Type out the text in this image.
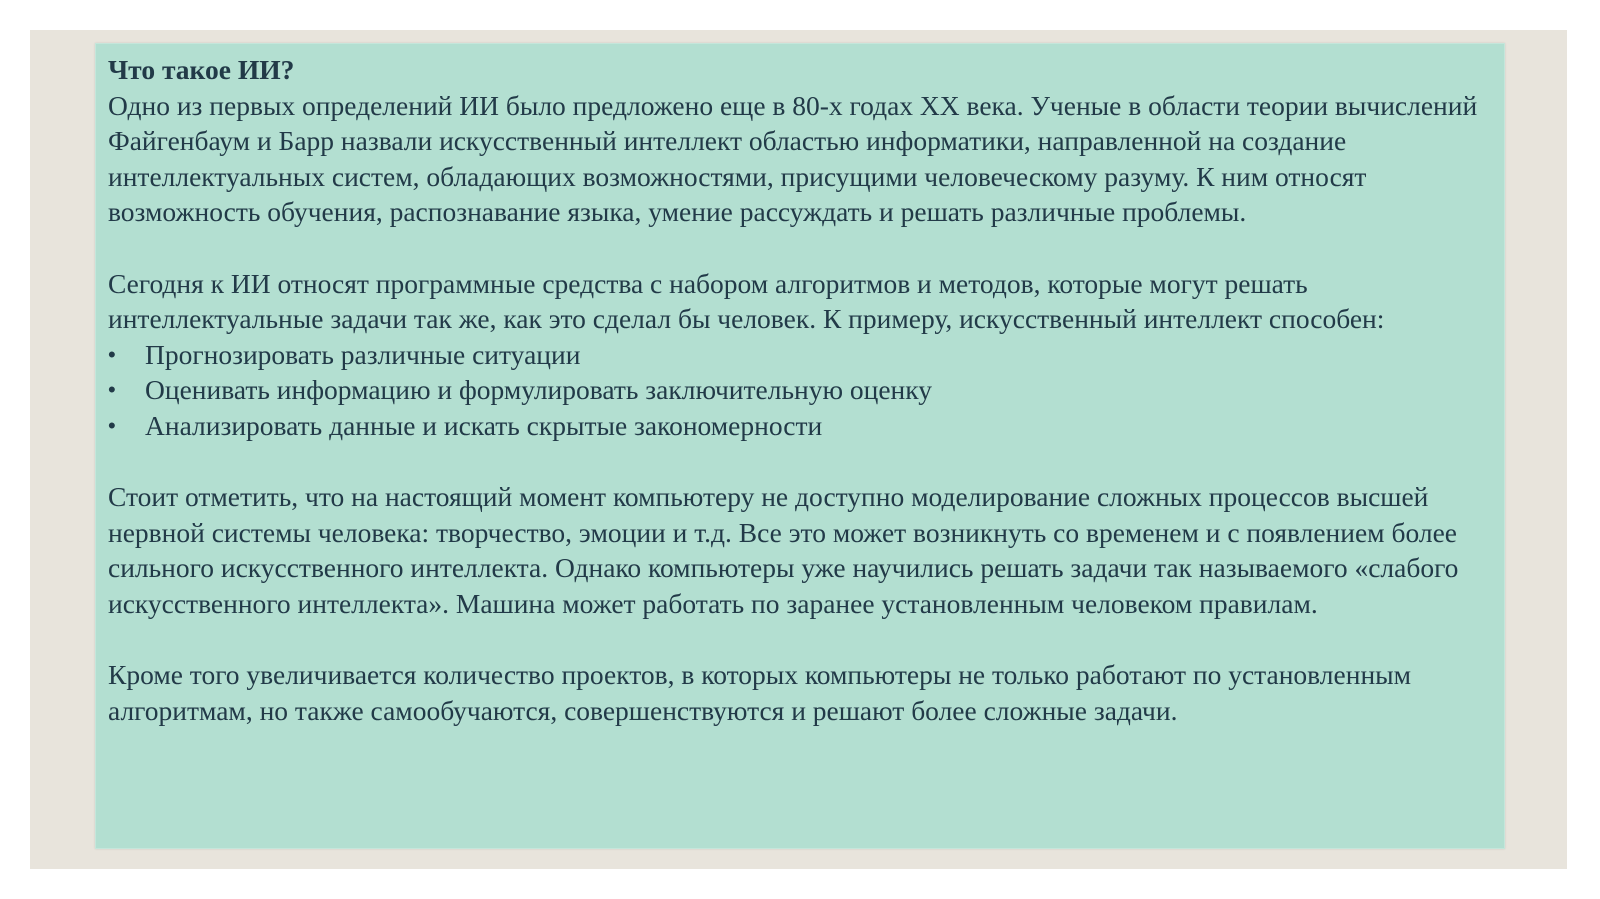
Что такое ИИ?

Одно из первых определений ИИ было предложено еще в 80-х годах ХХ века. Ученые в области теории вычислений Файгенбаум и Барр назвали искусственный интеллект областью информатики, направленной на создание интеллектуальных систем, обладающих возможностями, присущими человеческому разуму. К ним относят возможность обучения, распознавание языка, умение рассуждать и решать различные проблемы.

Сегодня к ИИ относят программные средства с набором алгоритмов и методов, которые могут решать интеллектуальные задачи так же, как это сделал бы человек. К примеру, искусственный интеллект способен:

• Прогнозировать различные ситуации
• Оценивать информацию и формулировать заключительную оценку
• Анализировать данные и искать скрытые закономерности

Стоит отметить, что на настоящий момент компьютеру не доступно моделирование сложных процессов высшей нервной системы человека: творчество, эмоции и т.д. Все это может возникнуть со временем и с появлением более сильного искусственного интеллекта. Однако компьютеры уже научились решать задачи так называемого «слабого искусственного интеллекта». Машина может работать по заранее установленным человеком правилам.

Кроме того увеличивается количество проектов, в которых компьютеры не только работают по установленным алгоритмам, но также самообучаются, совершенствуются и решают более сложные задачи.
